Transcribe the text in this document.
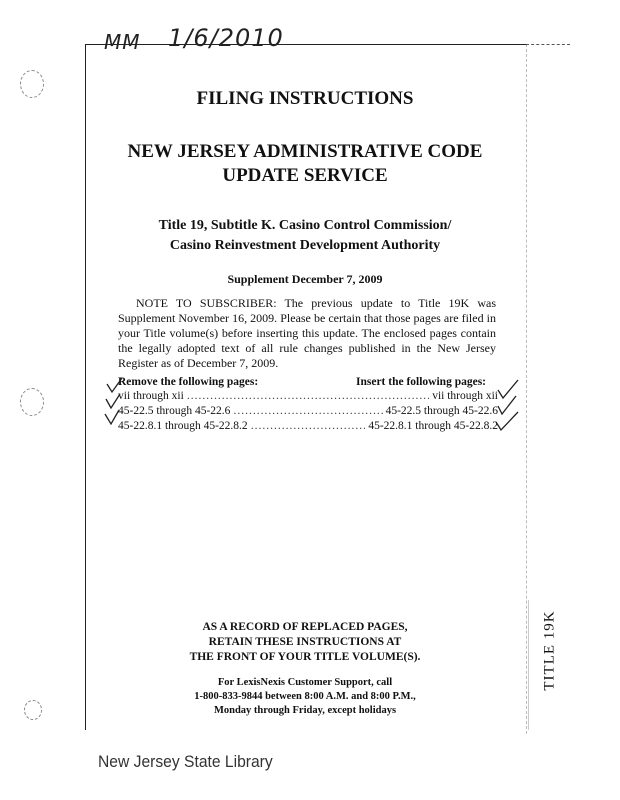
MM 1/6/2010
FILING INSTRUCTIONS
NEW JERSEY ADMINISTRATIVE CODE
UPDATE SERVICE
Title 19, Subtitle K. Casino Control Commission/
Casino Reinvestment Development Authority
Supplement December 7, 2009
NOTE TO SUBSCRIBER: The previous update to Title 19K was Supplement November 16, 2009. Please be certain that those pages are filed in your Title volume(s) before inserting this update. The enclosed pages contain the legally adopted text of all rule changes published in the New Jersey Register as of December 7, 2009.
Remove the following pages:	Insert the following pages:
vii through xii .....	vii through xii
45-22.5 through 45-22.6 .....	45-22.5 through 45-22.6
45-22.8.1 through 45-22.8.2 .....	45-22.8.1 through 45-22.8.2
AS A RECORD OF REPLACED PAGES,
RETAIN THESE INSTRUCTIONS AT
THE FRONT OF YOUR TITLE VOLUME(S).
For LexisNexis Customer Support, call
1-800-833-9844 between 8:00 A.M. and 8:00 P.M.,
Monday through Friday, except holidays
TITLE 19K
New Jersey State Library
